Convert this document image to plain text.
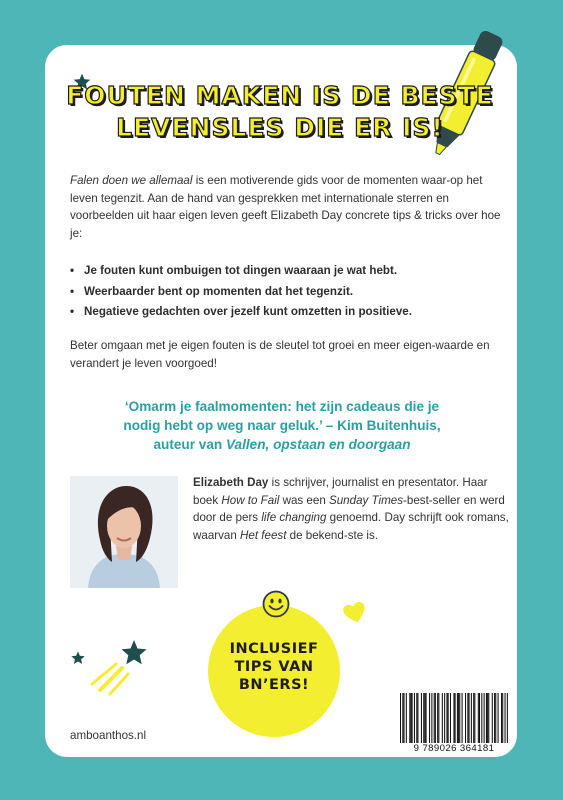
FOUTEN MAKEN IS DE BESTE
LEVENSLES DIE ER IS!
Falen doen we allemaal is een motiverende gids voor de momenten waar-op het leven tegenzit. Aan de hand van gesprekken met internationale sterren en voorbeelden uit haar eigen leven geeft Elizabeth Day concrete tips & tricks over hoe je:
• Je fouten kunt ombuigen tot dingen waaraan je wat hebt.
• Weerbaarder bent op momenten dat het tegenzit.
• Negatieve gedachten over jezelf kunt omzetten in positieve.
Beter omgaan met je eigen fouten is de sleutel tot groei en meer eigen-waarde en verandert je leven voorgoed!
‘Omarm je faalmomenten: het zijn cadeaus die je
nodig hebt op weg naar geluk.’ – Kim Buitenhuis,
auteur van Vallen, opstaan en doorgaan
Elizabeth Day is schrijver, journalist en presentator. Haar boek How to Fail was een Sunday Times-best-seller en werd door de pers life changing genoemd. Day schrijft ook romans, waarvan Het feest de bekend-ste is.
INCLUSIEF
TIPS VAN
BN’ERS!
amboanthos.nl
9 789026 364181
